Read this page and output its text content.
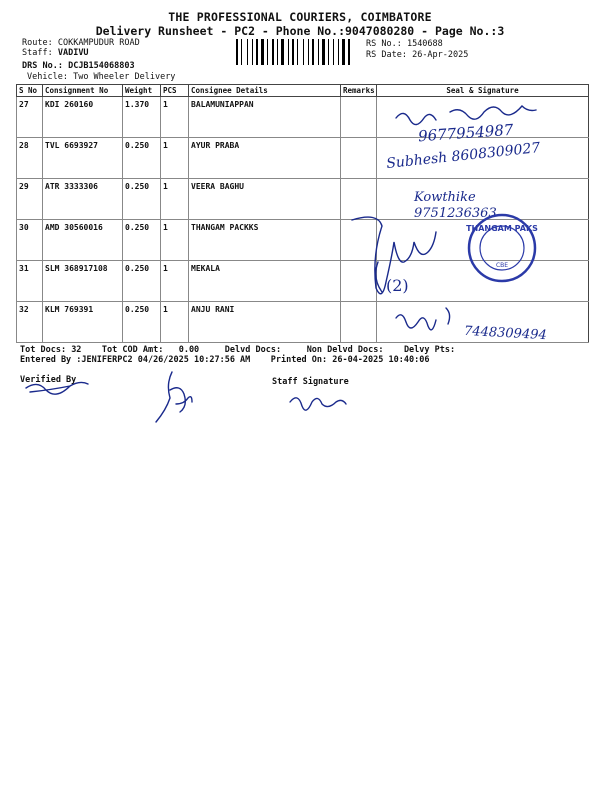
THE PROFESSIONAL COURIERS, COIMBATORE
Delivery Runsheet - PC2 - Phone No.:9047080280 - Page No.:3
Route: COKKAMPUDUR ROAD
Staff: VADIVU
DRS No.: DCJB154068803
Vehicle: Two Wheeler Delivery
RS No.: 1540688
RS Date: 26-Apr-2025
S No	Consignment No	Weight	PCS	Consignee Details	Remarks	Seal & Signature
27	KDI 260160	1.370	1	BALAMUNIAPPAN		
28	TVL 6693927	0.250	1	AYUR PRABA		
29	ATR 3333306	0.250	1	VEERA BAGHU		
30	AMD 30560016	0.250	1	THANGAM PACKKS		
31	SLM 368917108	0.250	1	MEKALA		
32	KLM 769391	0.250	1	ANJU RANI		
9677954987
Subhesh 8608309027
Kowthike 9751236363
(2)
7448309494
THANGAM PAKS
CBE
Tot Docs: 32 Tot COD Amt: 0.00	Delvd Docs:	Non Delvd Docs: Delvy Pts:
Entered By :JENIFERPC2 04/26/2025 10:27:56 AM Printed On: 26-04-2025 10:40:06
Verified By	Staff Signature
